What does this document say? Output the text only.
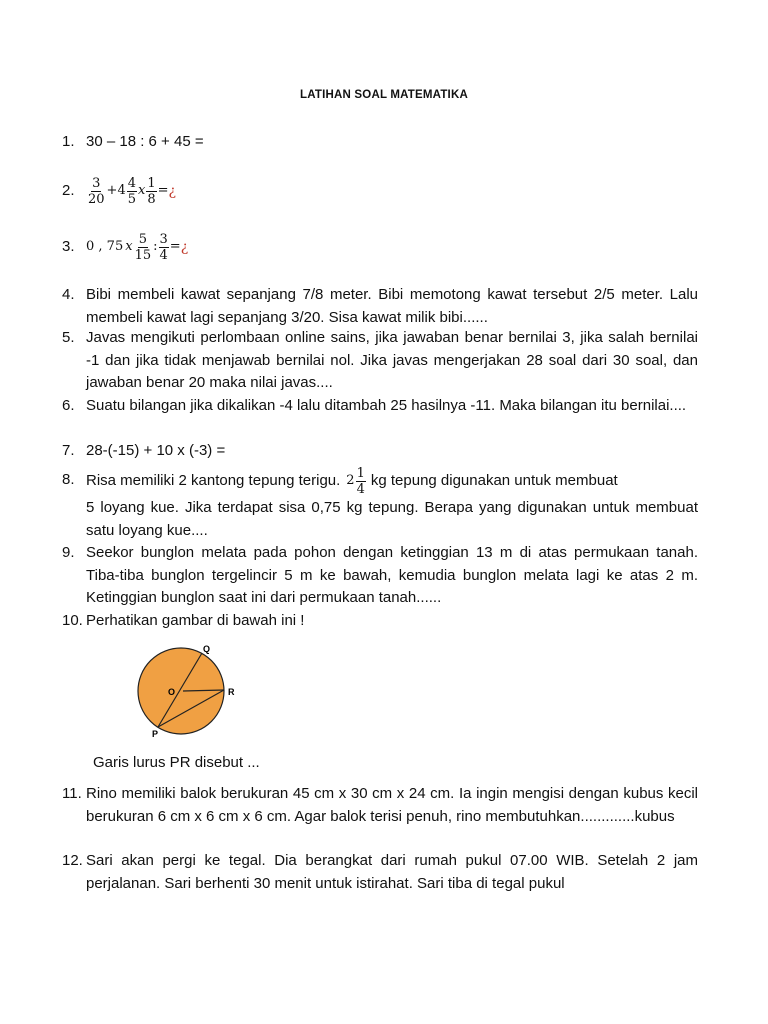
LATIHAN SOAL MATEMATIKA
1. 30 – 18 : 6 + 45 =
2. $\frac{3}{20} + 4 \frac{4}{5}$ x $\frac{1}{8}$ = ¿
3. 0 , 75 x $\frac{5}{15}$ : $\frac{3}{4}$ = ¿
4. Bibi membeli kawat sepanjang 7/8 meter. Bibi memotong kawat tersebut 2/5 meter. Lalu membeli kawat lagi sepanjang 3/20. Sisa kawat milik bibi......
5. Javas mengikuti perlombaan online sains, jika jawaban benar bernilai 3, jika salah bernilai -1 dan jika tidak menjawab bernilai nol. Jika javas mengerjakan 28 soal dari 30 soal, dan jawaban benar 20 maka nilai javas....
6. Suatu bilangan jika dikalikan -4 lalu ditambah 25 hasilnya -11. Maka bilangan itu bernilai....
7. 28-(-15) + 10 x (-3) =
8. Risa memiliki 2 kantong tepung terigu. $2 \frac{1}{4}$ kg tepung digunakan untuk membuat
5 loyang kue. Jika terdapat sisa 0,75 kg tepung. Berapa yang digunakan untuk membuat satu loyang kue....
9. Seekor bunglon melata pada pohon dengan ketinggian 13 m di atas permukaan tanah. Tiba-tiba bunglon tergelincir 5 m ke bawah, kemudia bunglon melata lagi ke atas 2 m. Ketinggian bunglon saat ini dari permukaan tanah......
10. Perhatikan gambar di bawah ini !
Q
O	R
P
Garis lurus PR disebut ...
11. Rino memiliki balok berukuran 45 cm x 30 cm x 24 cm. Ia ingin mengisi dengan kubus kecil berukuran 6 cm x 6 cm x 6 cm. Agar balok terisi penuh, rino membutuhkan.............kubus
12. Sari akan pergi ke tegal. Dia berangkat dari rumah pukul 07.00 WIB. Setelah 2 jam perjalanan. Sari berhenti 30 menit untuk istirahat. Sari tiba di tegal pukul
